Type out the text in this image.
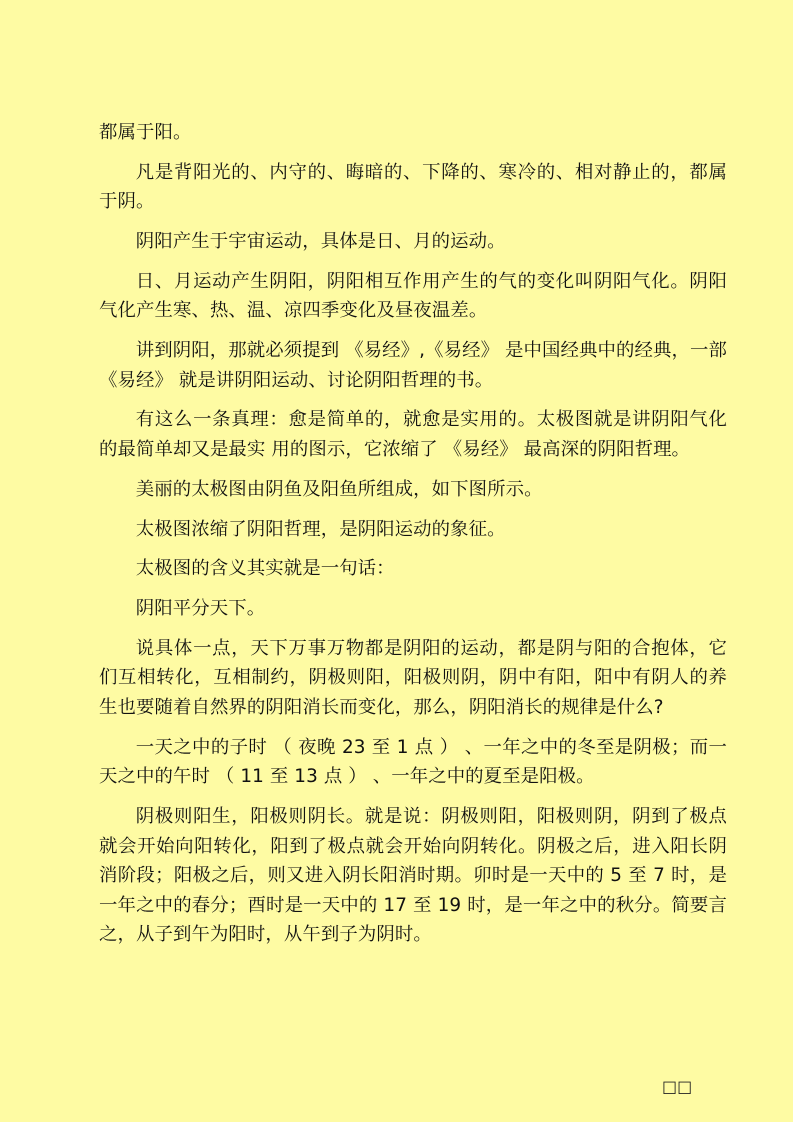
都属于阳。

凡是背阳光的、内守的、晦暗的、下降的、寒冷的、相对静止的，都属于阴。

阴阳产生于宇宙运动，具体是日、月的运动。

日、月运动产生阴阳，阴阳相互作用产生的气的变化叫阴阳气化。阴阳气化产生寒、热、温、凉四季变化及昼夜温差。

讲到阴阳，那就必须提到 《易经》,《易经》 是中国经典中的经典，一部 《易经》 就是讲阴阳运动、讨论阴阳哲理的书。

有这么一条真理：愈是简单的，就愈是实用的。太极图就是讲阴阳气化的最简单却又是最实 用的图示，它浓缩了 《易经》 最高深的阴阳哲理。

美丽的太极图由阴鱼及阳鱼所组成，如下图所示。

太极图浓缩了阴阳哲理，是阴阳运动的象征。

太极图的含义其实就是一句话：

阴阳平分天下。

说具体一点，天下万事万物都是阴阳的运动，都是阴与阳的合抱体，它们互相转化，互相制约，阴极则阳，阳极则阴，阴中有阳，阳中有阴人的养生也要随着自然界的阴阳消长而变化，那么，阴阳消长的规律是什么?

一天之中的子时 （ 夜晚 23 至 1 点 ） 、一年之中的冬至是阴极；而一天之中的午时 （ 11 至 13 点 ） 、一年之中的夏至是阳极。

阴极则阳生，阳极则阴长。就是说：阴极则阳，阳极则阴，阴到了极点就会开始向阳转化，阳到了极点就会开始向阴转化。阴极之后，进入阳长阴消阶段；阳极之后，则又进入阴长阳消时期。卯时是一天中的 5 至 7 时，是一年之中的春分；酉时是一天中的 17 至 19 时，是一年之中的秋分。简要言之，从子到午为阳时，从午到子为阴时。

□□
